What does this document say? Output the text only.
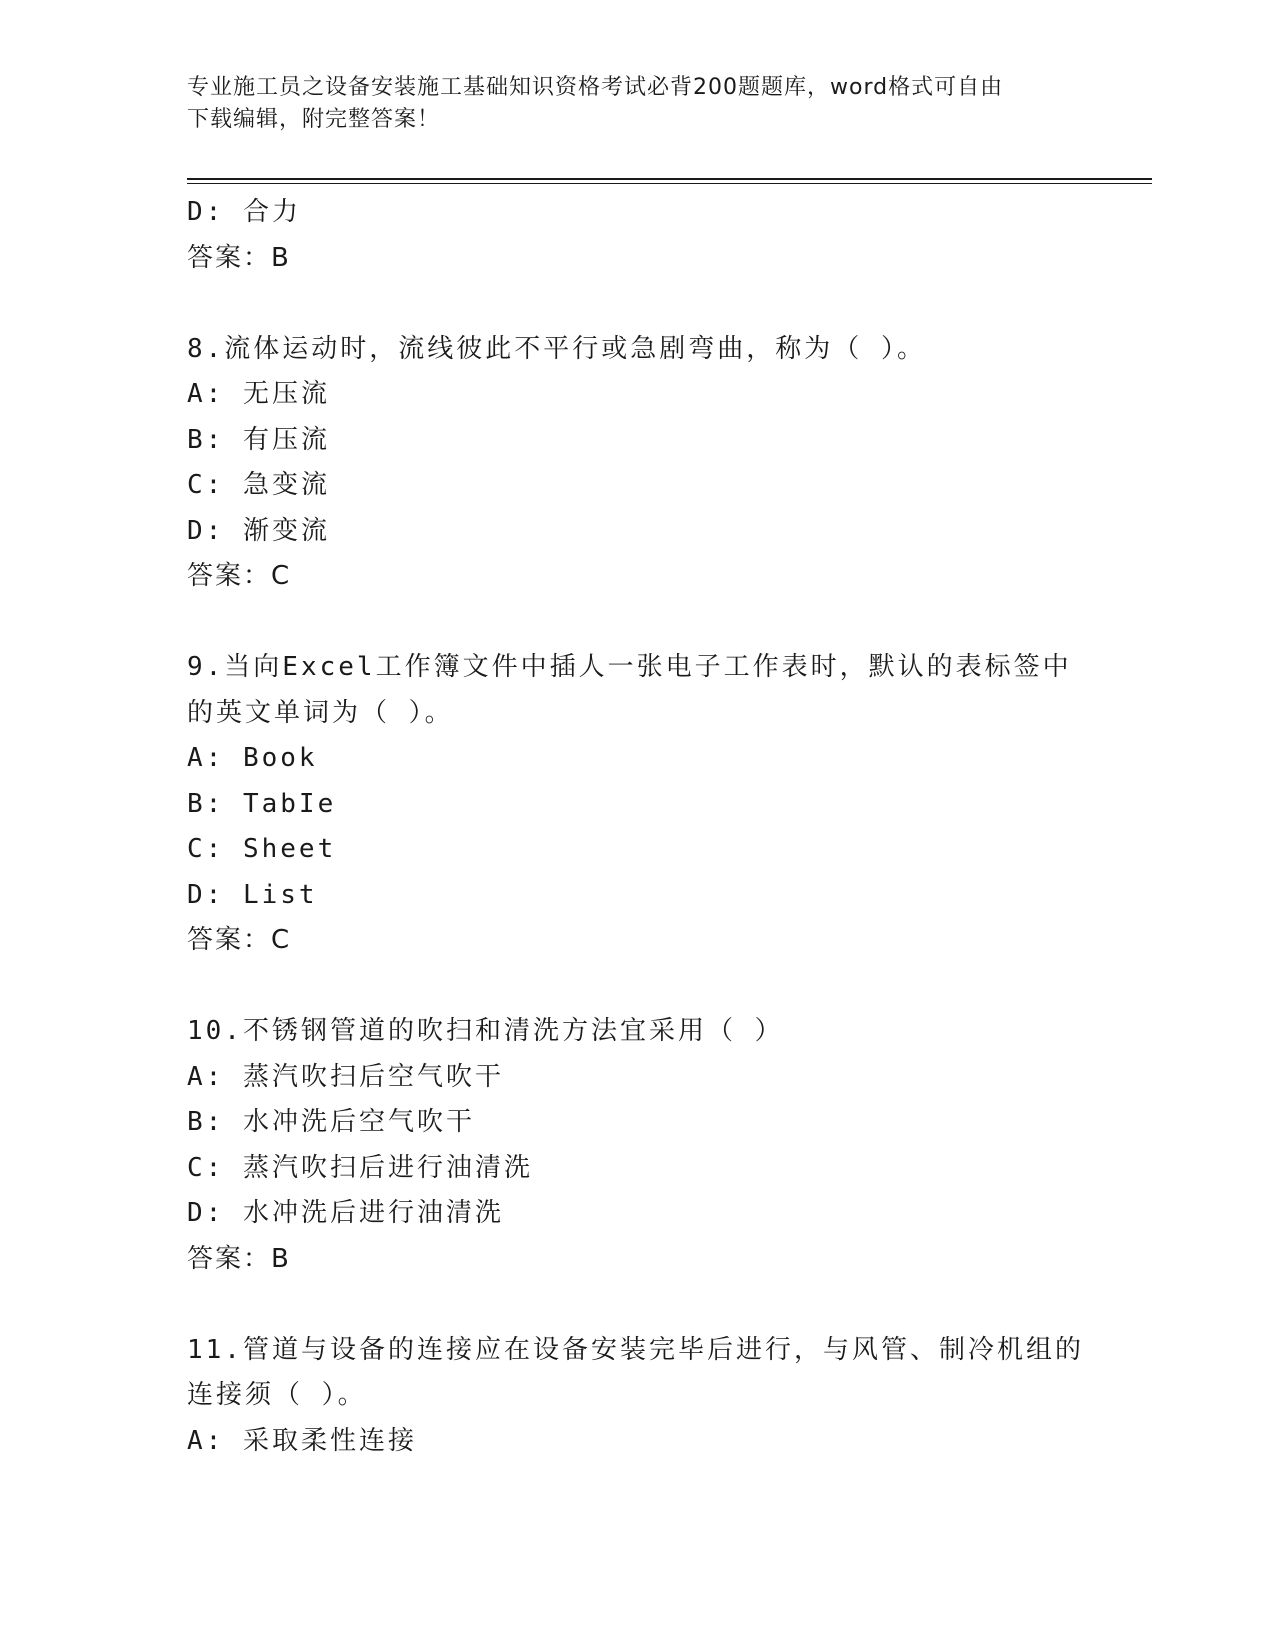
专业施工员之设备安装施工基础知识资格考试必背200题题库，word格式可自由
下载编辑，附完整答案！
D: 合力
答案：B
8.流体运动时，流线彼此不平行或急剧弯曲，称为（ ）。
A: 无压流
B: 有压流
C: 急变流
D: 渐变流
答案：C
9.当向Excel工作簿文件中插人一张电子工作表时，默认的表标签中
的英文单词为（ ）。
A: Book
B: TabIe
C: Sheet
D: List
答案：C
10.不锈钢管道的吹扫和清洗方法宜采用（ ）
A: 蒸汽吹扫后空气吹干
B: 水冲洗后空气吹干
C: 蒸汽吹扫后进行油清洗
D: 水冲洗后进行油清洗
答案：B
11.管道与设备的连接应在设备安装完毕后进行，与风管、制冷机组的
连接须（ ）。
A: 采取柔性连接
